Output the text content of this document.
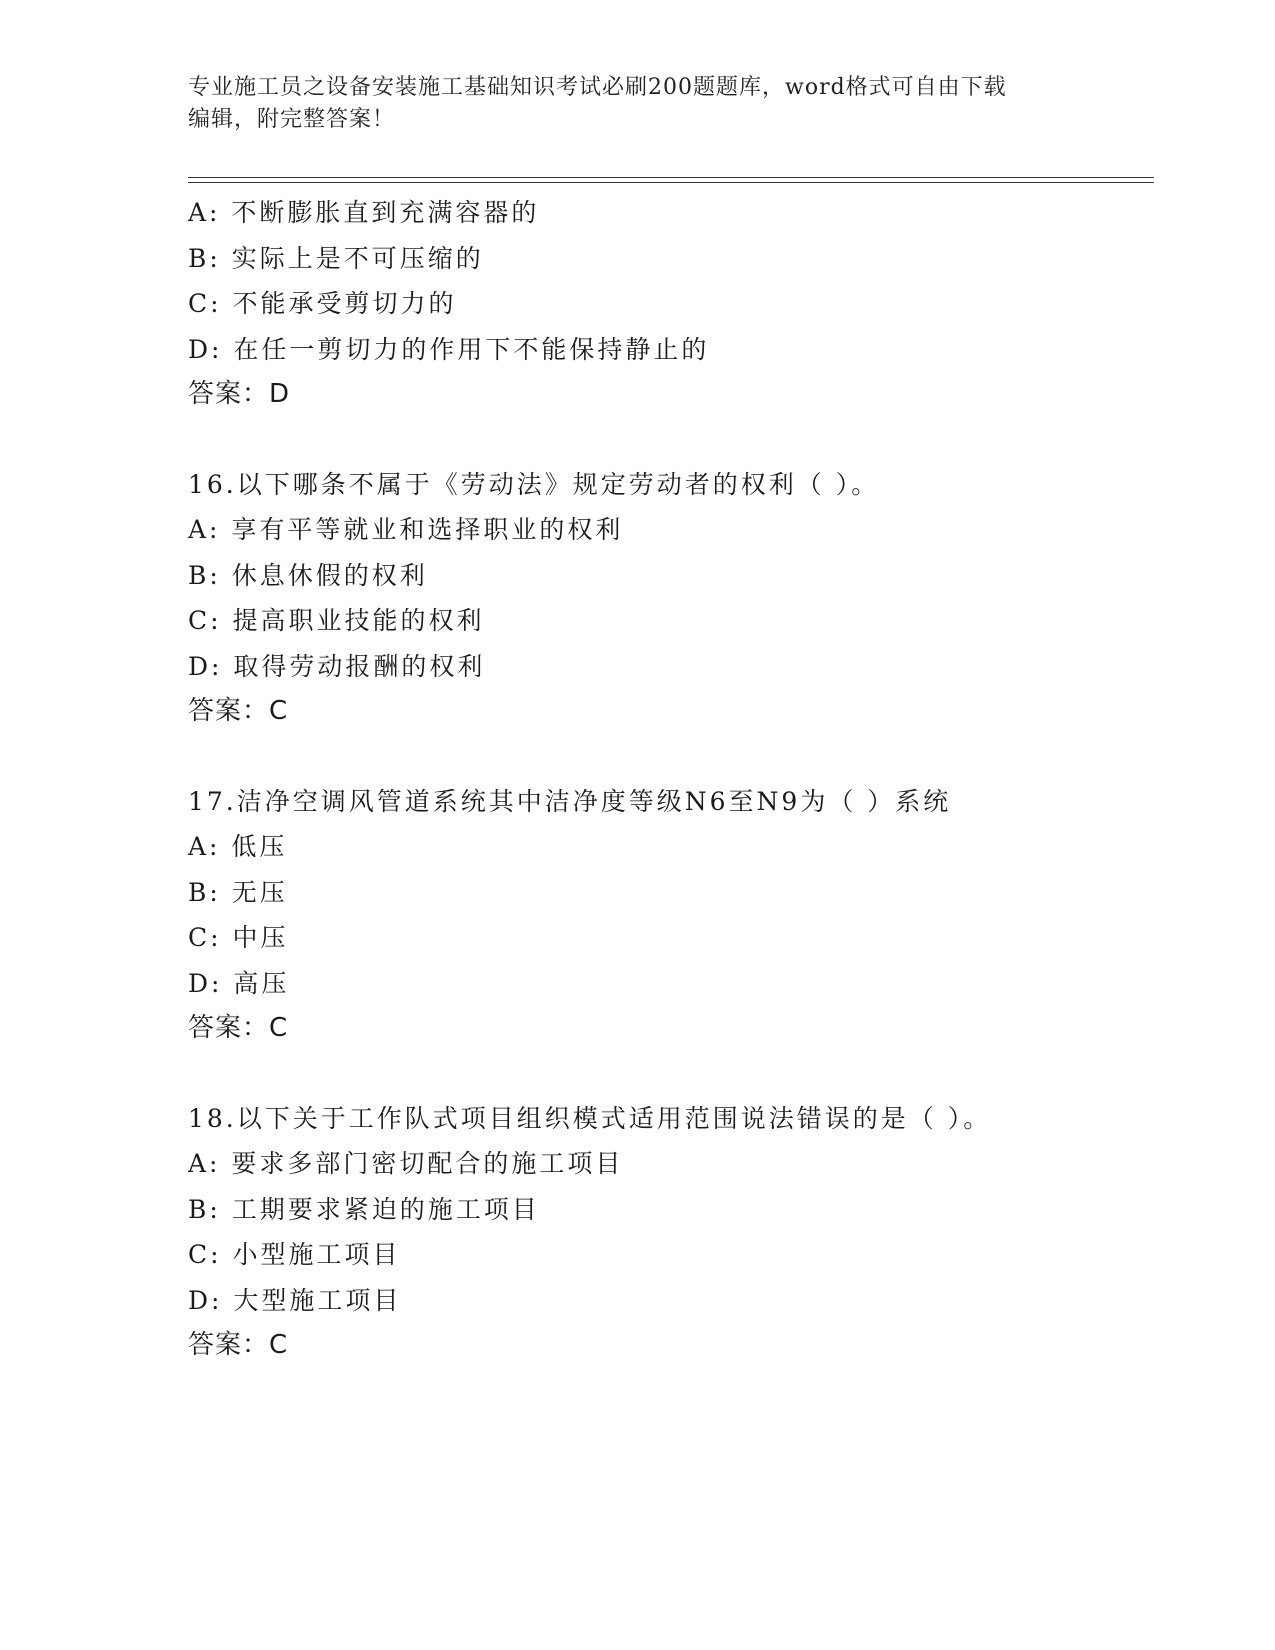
专业施工员之设备安装施工基础知识考试必刷200题题库，word格式可自由下载
编辑，附完整答案！
A: 不断膨胀直到充满容器的
B: 实际上是不可压缩的
C: 不能承受剪切力的
D: 在任一剪切力的作用下不能保持静止的
答案：D
16.以下哪条不属于《劳动法》规定劳动者的权利（ ）。
A: 享有平等就业和选择职业的权利
B: 休息休假的权利
C: 提高职业技能的权利
D: 取得劳动报酬的权利
答案：C
17.洁净空调风管道系统其中洁净度等级N6至N9为（ ）系统
A: 低压
B: 无压
C: 中压
D: 高压
答案：C
18.以下关于工作队式项目组织模式适用范围说法错误的是（ ）。
A: 要求多部门密切配合的施工项目
B: 工期要求紧迫的施工项目
C: 小型施工项目
D: 大型施工项目
答案：C
